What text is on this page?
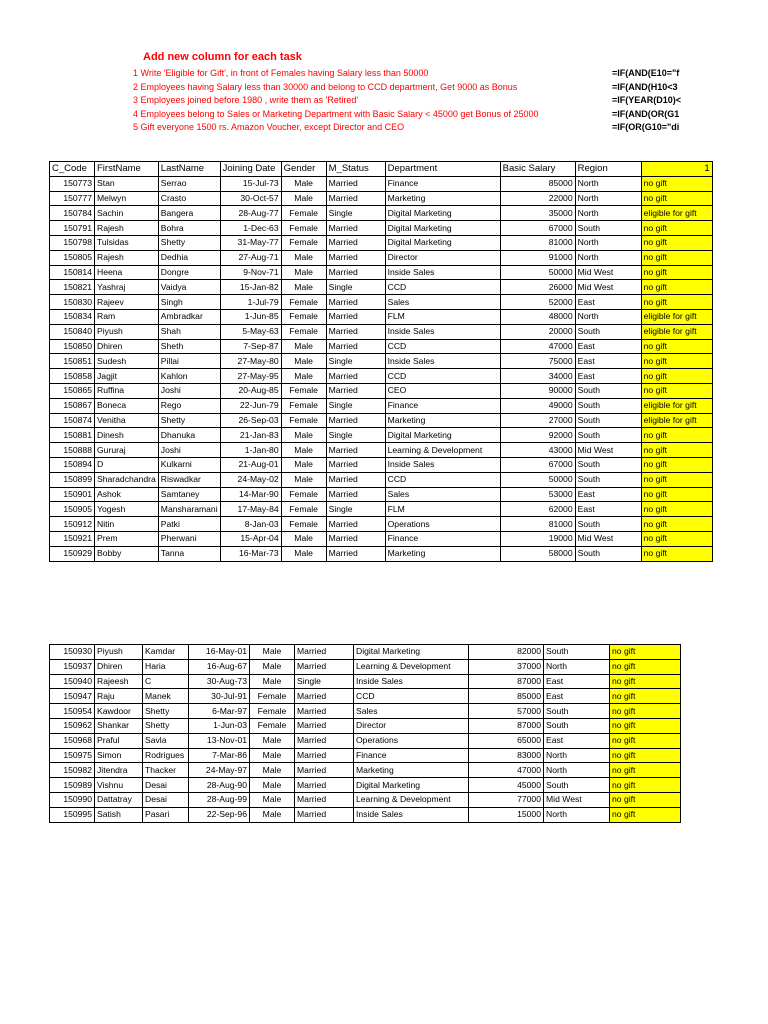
Add new column for each task
1 Write 'Eligible for Gift', in front of Females having Salary less than 50000
2 Employees having Salary less than 30000 and belong to CCD department, Get 9000 as Bonus
3 Employees joined before 1980 , write them as 'Retired'
4 Employees belong to Sales or Marketing Department with Basic Salary < 45000 get Bonus of 25000
5 Gift everyone 1500 rs. Amazon Voucher, except Director and CEO
=IF(AND(E10="f
=IF(AND(H10<3
=IF(YEAR(D10)<
=IF(AND(OR(G1
=IF(OR(G10="di
C_Code	FirstName	LastName	Joining Date	Gender	M_Status	Department	Basic Salary	Region	1
150773	Stan	Serrao	15-Jul-73	Male	Married	Finance	85000	North	no gift
150777	Melwyn	Crasto	30-Oct-57	Male	Married	Marketing	22000	North	no gift
150784	Sachin	Bangera	28-Aug-77	Female	Single	Digital Marketing	35000	North	eligible for gift
150791	Rajesh	Bohra	1-Dec-63	Female	Married	Digital Marketing	67000	South	no gift
150798	Tulsidas	Shetty	31-May-77	Female	Married	Digital Marketing	81000	North	no gift
150805	Rajesh	Dedhia	27-Aug-71	Male	Married	Director	91000	North	no gift
150814	Heena	Dongre	9-Nov-71	Male	Married	Inside Sales	50000	Mid West	no gift
150821	Yashraj	Vaidya	15-Jan-82	Male	Single	CCD	26000	Mid West	no gift
150830	Rajeev	Singh	1-Jul-79	Female	Married	Sales	52000	East	no gift
150834	Ram	Ambradkar	1-Jun-85	Female	Married	FLM	48000	North	eligible for gift
150840	Piyush	Shah	5-May-63	Female	Married	Inside Sales	20000	South	eligible for gift
150850	Dhiren	Sheth	7-Sep-87	Male	Married	CCD	47000	East	no gift
150851	Sudesh	Pillai	27-May-80	Male	Single	Inside Sales	75000	East	no gift
150858	Jagjit	Kahlon	27-May-95	Male	Married	CCD	34000	East	no gift
150865	Ruffina	Joshi	20-Aug-85	Female	Married	CEO	90000	South	no gift
150867	Boneca	Rego	22-Jun-79	Female	Single	Finance	49000	South	eligible for gift
150874	Venitha	Shetty	26-Sep-03	Female	Married	Marketing	27000	South	eligible for gift
150881	Dinesh	Dhanuka	21-Jan-83	Male	Single	Digital Marketing	92000	South	no gift
150888	Gururaj	Joshi	1-Jan-80	Male	Married	Learning & Development	43000	Mid West	no gift
150894	D	Kulkarni	21-Aug-01	Male	Married	Inside Sales	67000	South	no gift
150899	Sharadchandra	Riswadkar	24-May-02	Male	Married	CCD	50000	South	no gift
150901	Ashok	Samtaney	14-Mar-90	Female	Married	Sales	53000	East	no gift
150905	Yogesh	Mansharamani	17-May-84	Female	Single	FLM	62000	East	no gift
150912	Nitin	Patki	8-Jan-03	Female	Married	Operations	81000	South	no gift
150921	Prem	Pherwani	15-Apr-04	Male	Married	Finance	19000	Mid West	no gift
150929	Bobby	Tanna	16-Mar-73	Male	Married	Marketing	58000	South	no gift
150930	Piyush	Kamdar	16-May-01	Male	Married	Digital Marketing	82000	South	no gift
150937	Dhiren	Haria	16-Aug-67	Male	Married	Learning & Development	37000	North	no gift
150940	Rajeesh	C	30-Aug-73	Male	Single	Inside Sales	87000	East	no gift
150947	Raju	Manek	30-Jul-91	Female	Married	CCD	85000	East	no gift
150954	Kawdoor	Shetty	6-Mar-97	Female	Married	Sales	57000	South	no gift
150962	Shankar	Shetty	1-Jun-03	Female	Married	Director	87000	South	no gift
150968	Praful	Savla	13-Nov-01	Male	Married	Operations	65000	East	no gift
150975	Simon	Rodrigues	7-Mar-86	Male	Married	Finance	83000	North	no gift
150982	Jitendra	Thacker	24-May-97	Male	Married	Marketing	47000	North	no gift
150989	Vishnu	Desai	28-Aug-90	Male	Married	Digital Marketing	45000	South	no gift
150990	Dattatray	Desai	28-Aug-99	Male	Married	Learning & Development	77000	Mid West	no gift
150995	Satish	Pasari	22-Sep-96	Male	Married	Inside Sales	15000	North	no gift
